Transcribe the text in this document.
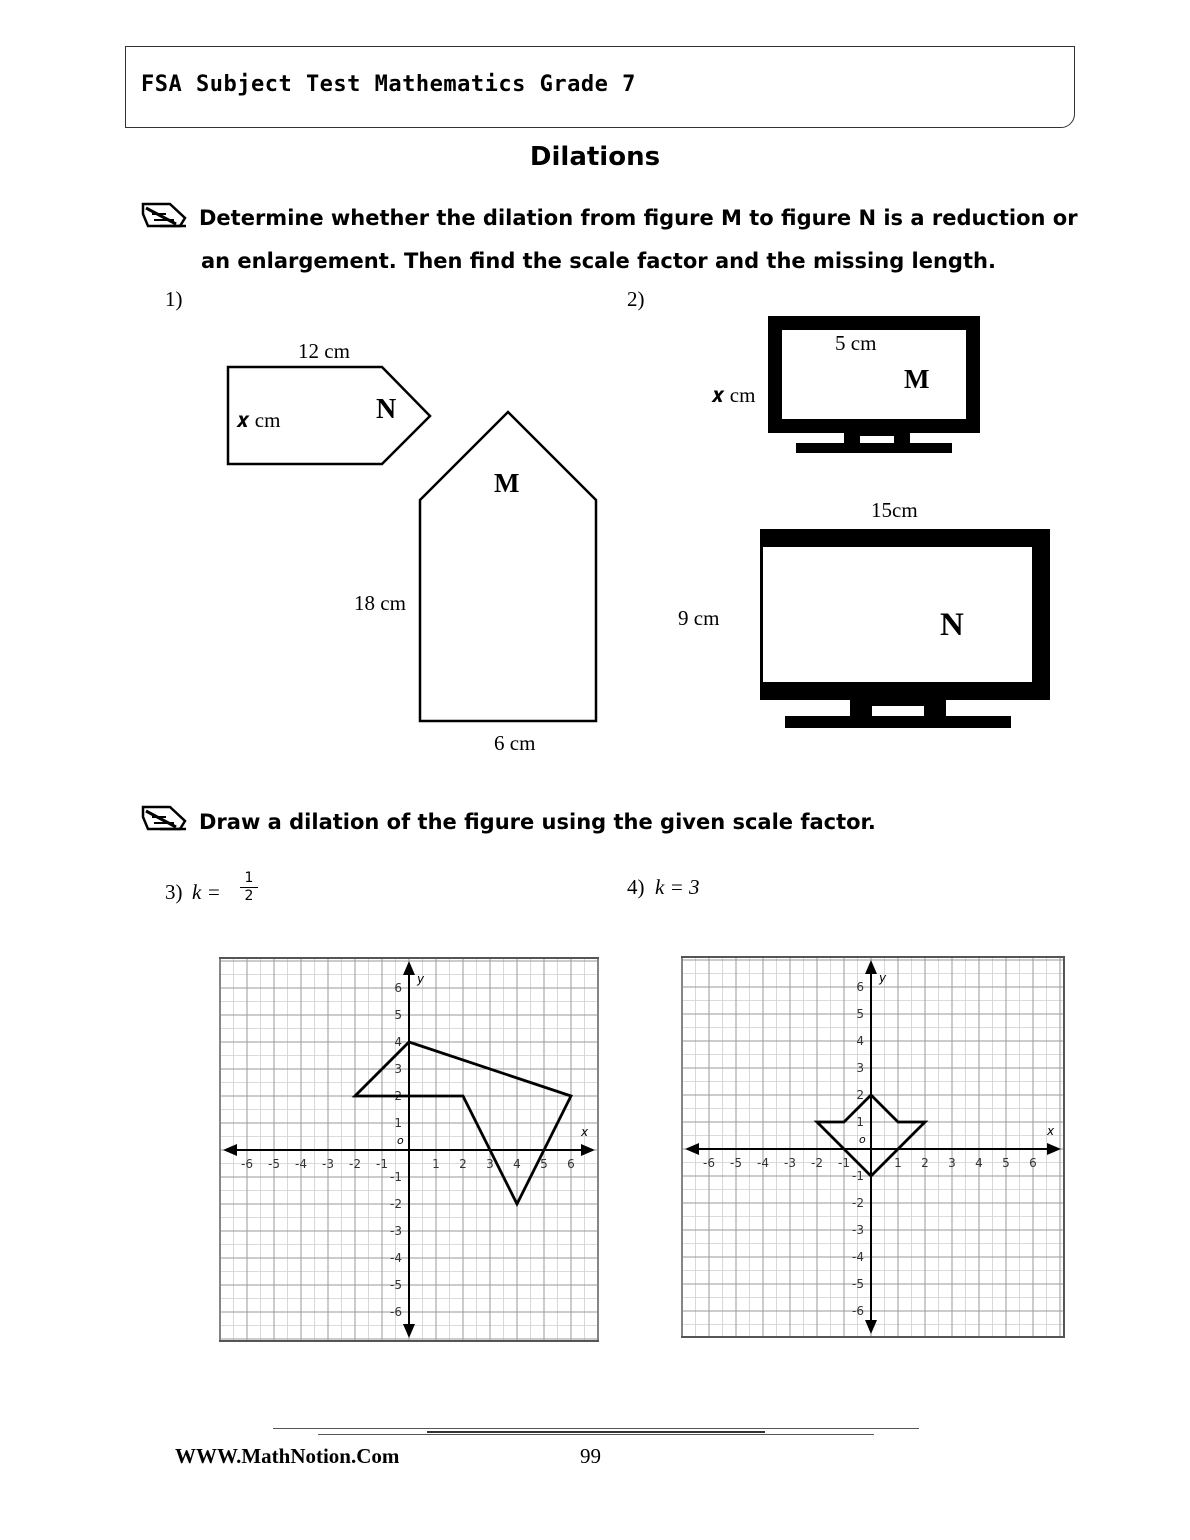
FSA Subject Test Mathematics Grade 7
Dilations
Determine whether the dilation from figure M to figure N is a reduction or
an enlargement. Then find the scale factor and the missing length.
1)
12 cm
𝒙 cm	N
M
18 cm
6 cm
2)
5 cm
𝒙 cm
M
15cm
9 cm	N
Draw a dilation of the figure using the given scale factor.
3) $k = \frac{1}{2}$	4) k = 3
x
y
o
-6 -5 -4 -3 -2 -1	1 2 3 4 5 6
6
5
4
3
2
1
-1
-2
-3
-4
-5
-6
x
y
o
-6 -5 -4 -3 -2 -1	1 2 3 4 5 6
6
5
4
3
2
1
-1
-2
-3
-4
-5
-6
WWW.MathNotion.Com	99
